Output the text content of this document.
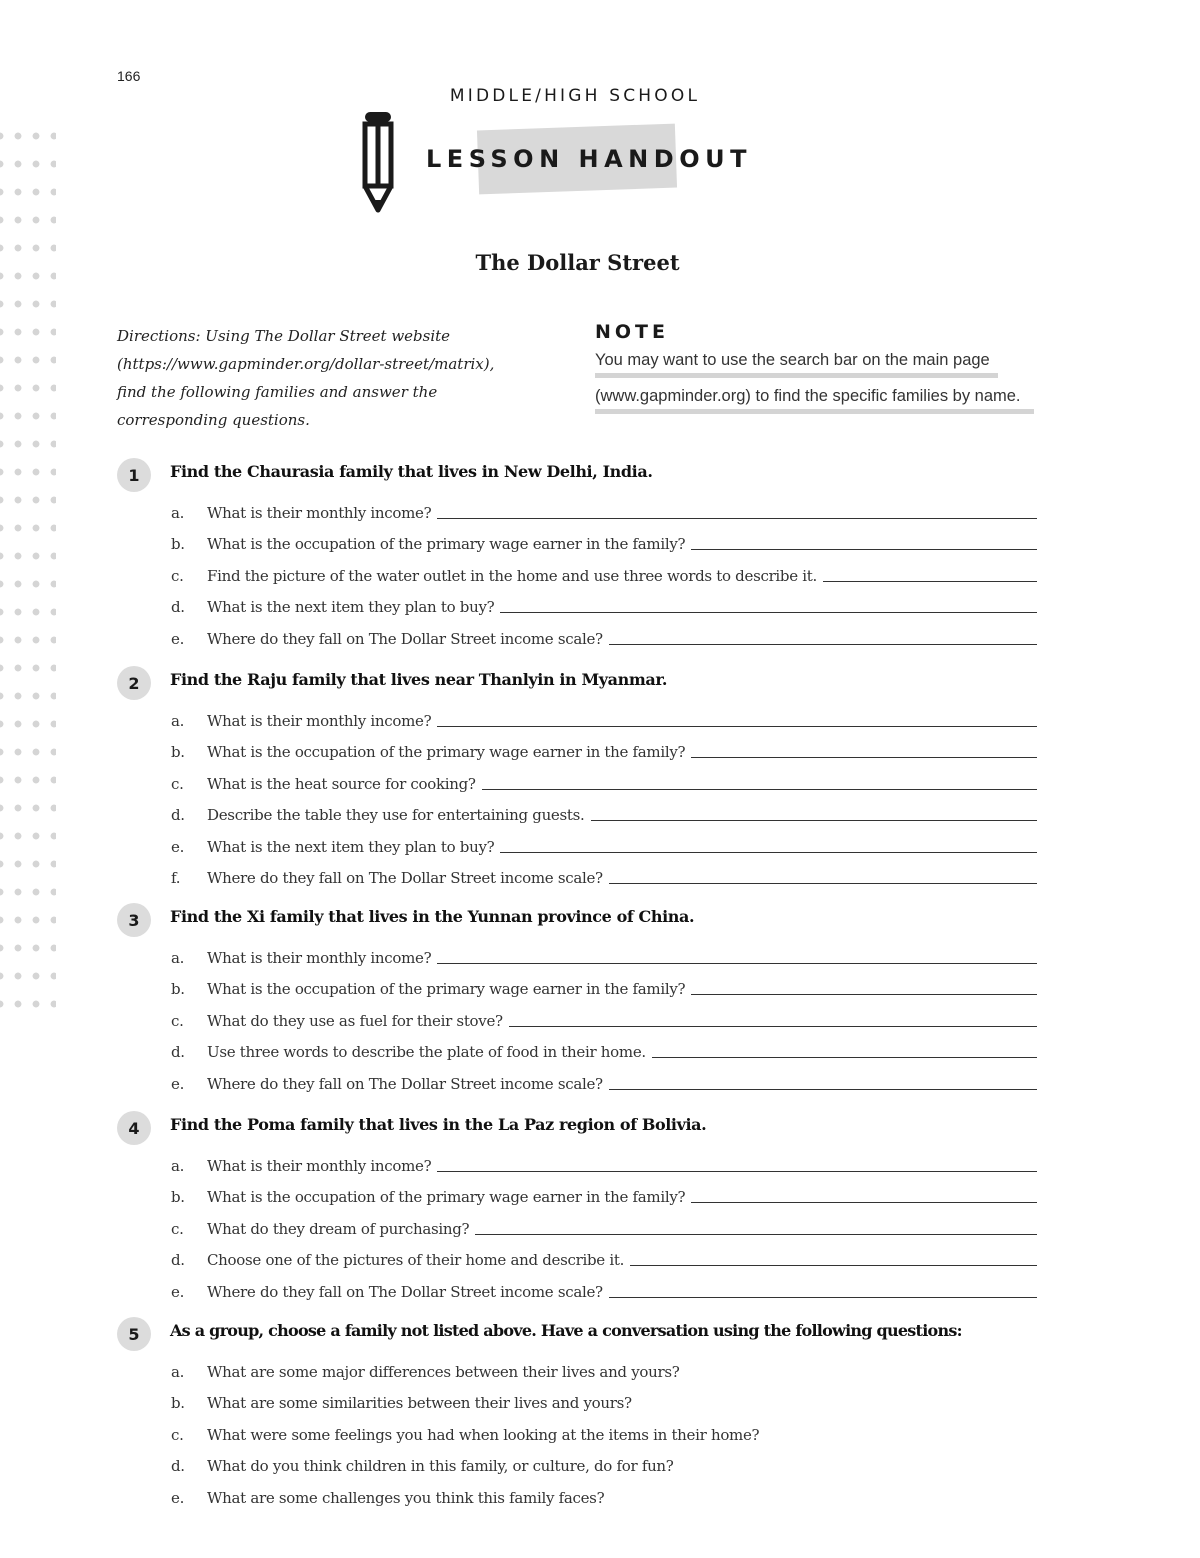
166
MIDDLE/HIGH SCHOOL
LESSON HANDOUT
The Dollar Street
Directions: Using The Dollar Street website
(https://www.gapminder.org/dollar-street/matrix),
find the following families and answer the
corresponding questions.
NOTE
You may want to use the search bar on the main page
(www.gapminder.org) to find the specific families by name.
1	Find the Chaurasia family that lives in New Delhi, India.
a.	What is their monthly income?
b.	What is the occupation of the primary wage earner in the family?
c.	Find the picture of the water outlet in the home and use three words to describe it.
d.	What is the next item they plan to buy?
e.	Where do they fall on The Dollar Street income scale?
2	Find the Raju family that lives near Thanlyin in Myanmar.
a.	What is their monthly income?
b.	What is the occupation of the primary wage earner in the family?
c.	What is the heat source for cooking?
d.	Describe the table they use for entertaining guests.
e.	What is the next item they plan to buy?
f.	Where do they fall on The Dollar Street income scale?
3	Find the Xi family that lives in the Yunnan province of China.
a.	What is their monthly income?
b.	What is the occupation of the primary wage earner in the family?
c.	What do they use as fuel for their stove?
d.	Use three words to describe the plate of food in their home.
e.	Where do they fall on The Dollar Street income scale?
4	Find the Poma family that lives in the La Paz region of Bolivia.
a.	What is their monthly income?
b.	What is the occupation of the primary wage earner in the family?
c.	What do they dream of purchasing?
d.	Choose one of the pictures of their home and describe it.
e.	Where do they fall on The Dollar Street income scale?
5	As a group, choose a family not listed above. Have a conversation using the following questions:
a.	What are some major differences between their lives and yours?
b.	What are some similarities between their lives and yours?
c.	What were some feelings you had when looking at the items in their home?
d.	What do you think children in this family, or culture, do for fun?
e.	What are some challenges you think this family faces?
